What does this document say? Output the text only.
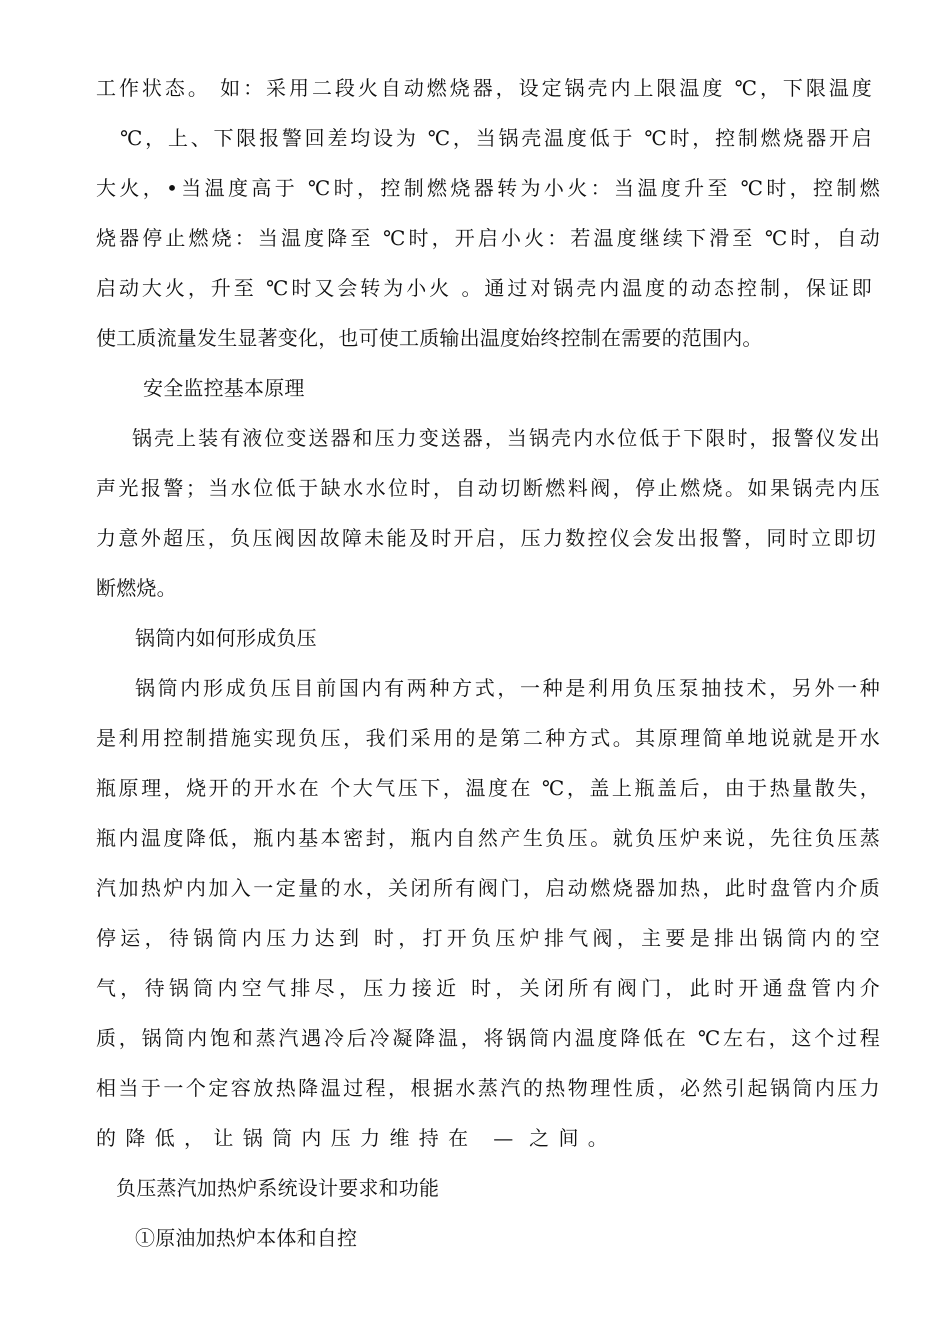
工作状态。 如：采用二段火自动燃烧器，设定锅壳内上限温度 ℃，下限温度
℃，上、下限报警回差均设为 ℃，当锅壳温度低于 ℃时，控制燃烧器开启
大火，•当温度高于 ℃时，控制燃烧器转为小火：当温度升至 ℃时，控制燃
烧器停止燃烧：当温度降至 ℃时，开启小火：若温度继续下滑至 ℃时，自动
启动大火，升至 ℃时又会转为小火 。通过对锅壳内温度的动态控制，保证即
使工质流量发生显著变化，也可使工质输出温度始终控制在需要的范围内。
安全监控基本原理
锅壳上装有液位变送器和压力变送器，当锅壳内水位低于下限时，报警仪发出
声光报警；当水位低于缺水水位时，自动切断燃料阀，停止燃烧。如果锅壳内压
力意外超压，负压阀因故障未能及时开启，压力数控仪会发出报警，同时立即切
断燃烧。
锅筒内如何形成负压
锅筒内形成负压目前国内有两种方式，一种是利用负压泵抽技术，另外一种
是利用控制措施实现负压，我们采用的是第二种方式。其原理简单地说就是开水
瓶原理，烧开的开水在 个大气压下，温度在 ℃，盖上瓶盖后，由于热量散失，
瓶内温度降低，瓶内基本密封，瓶内自然产生负压。就负压炉来说，先往负压蒸
汽加热炉内加入一定量的水，关闭所有阀门，启动燃烧器加热，此时盘管内介质
停运，待锅筒内压力达到 时，打开负压炉排气阀，主要是排出锅筒内的空
气，待锅筒内空气排尽，压力接近 时，关闭所有阀门，此时开通盘管内介
质，锅筒内饱和蒸汽遇冷后冷凝降温，将锅筒内温度降低在 ℃左右，这个过程
相当于一个定容放热降温过程，根据水蒸汽的热物理性质，必然引起锅筒内压力
的降低，让锅筒内压力维持在 — 之间。
负压蒸汽加热炉系统设计要求和功能
①原油加热炉本体和自控
